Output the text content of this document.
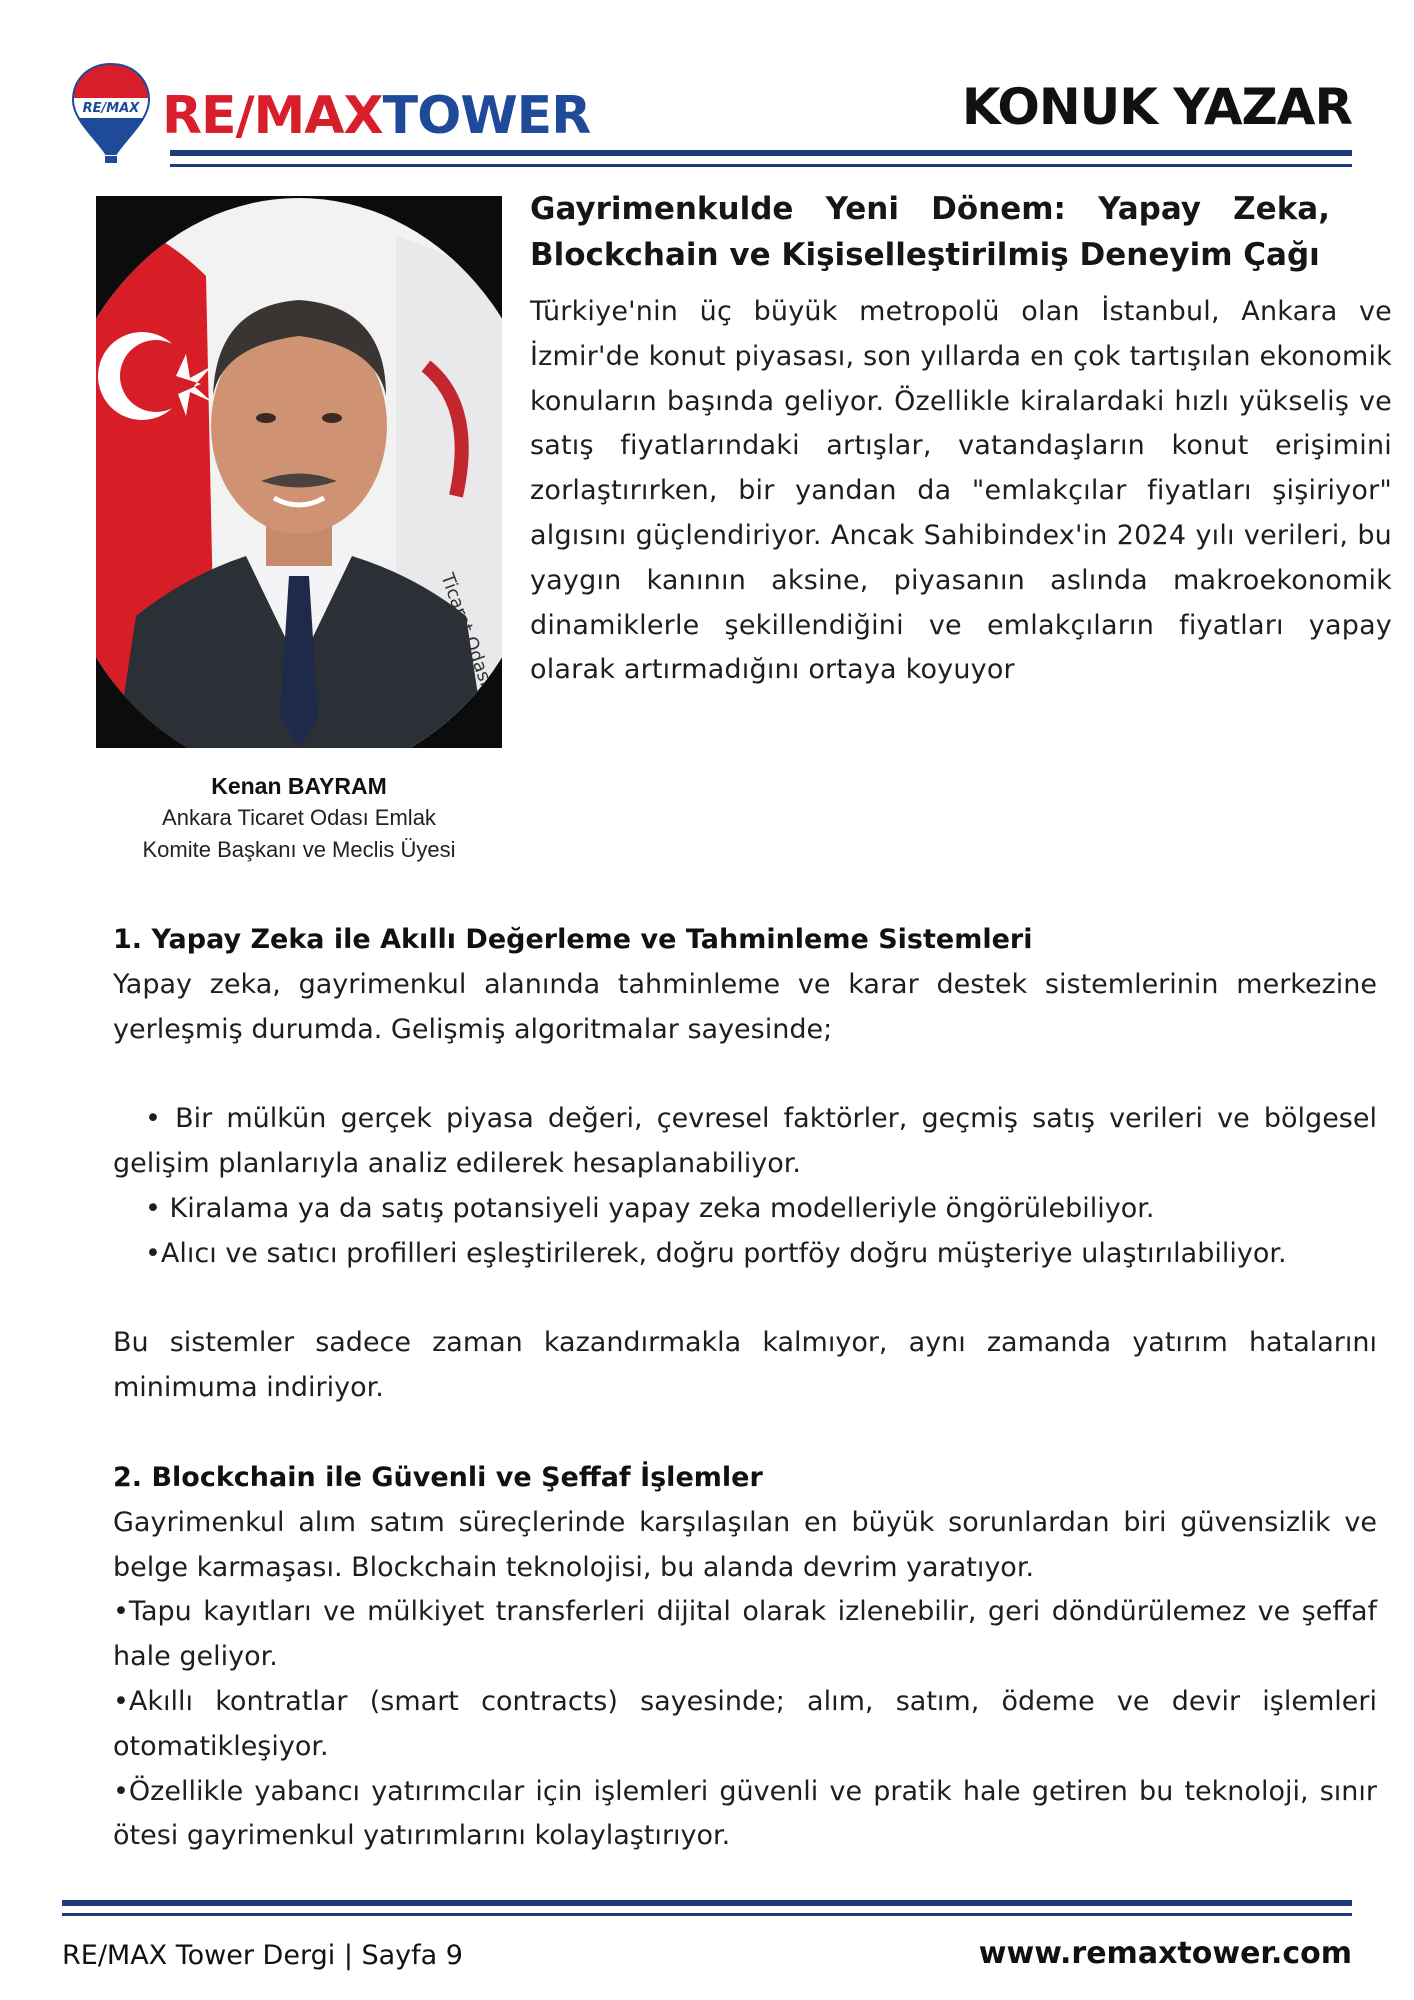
RE/MAX RE/MAXTOWER	KONUK YAZAR
Ticaret Odası
Kenan BAYRAM
Ankara Ticaret Odası Emlak
Komite Başkanı ve Meclis Üyesi
Gayrimenkulde Yeni Dönem: Yapay Zeka, Blockchain ve Kişiselleştirilmiş Deneyim Çağı
Türkiye'nin üç büyük metropolü olan İstanbul, Ankara ve İzmir'de konut piyasası, son yıllarda en çok tartışılan ekonomik konuların başında geliyor. Özellikle kiralardaki hızlı yükseliş ve satış fiyatlarındaki artışlar, vatandaşların konut erişimini zorlaştırırken, bir yandan da "emlakçılar fiyatları şişiriyor" algısını güçlendiriyor. Ancak Sahibindex'in 2024 yılı verileri, bu yaygın kanının aksine, piyasanın aslında makroekonomik dinamiklerle şekillendiğini ve emlakçıların fiyatları yapay olarak artırmadığını ortaya koyuyor
1. Yapay Zeka ile Akıllı Değerleme ve Tahminleme Sistemleri
Yapay zeka, gayrimenkul alanında tahminleme ve karar destek sistemlerinin merkezine yerleşmiş durumda. Gelişmiş algoritmalar sayesinde;
• Bir mülkün gerçek piyasa değeri, çevresel faktörler, geçmiş satış verileri ve bölgesel gelişim planlarıyla analiz edilerek hesaplanabiliyor.
• Kiralama ya da satış potansiyeli yapay zeka modelleriyle öngörülebiliyor.
•Alıcı ve satıcı profilleri eşleştirilerek, doğru portföy doğru müşteriye ulaştırılabiliyor.
Bu sistemler sadece zaman kazandırmakla kalmıyor, aynı zamanda yatırım hatalarını minimuma indiriyor.
2. Blockchain ile Güvenli ve Şeffaf İşlemler
Gayrimenkul alım satım süreçlerinde karşılaşılan en büyük sorunlardan biri güvensizlik ve belge karmaşası. Blockchain teknolojisi, bu alanda devrim yaratıyor.
•Tapu kayıtları ve mülkiyet transferleri dijital olarak izlenebilir, geri döndürülemez ve şeffaf hale geliyor.
•Akıllı kontratlar (smart contracts) sayesinde; alım, satım, ödeme ve devir işlemleri otomatikleşiyor.
•Özellikle yabancı yatırımcılar için işlemleri güvenli ve pratik hale getiren bu teknoloji, sınır ötesi gayrimenkul yatırımlarını kolaylaştırıyor.
RE/MAX Tower Dergi | Sayfa 9	www.remaxtower.com
